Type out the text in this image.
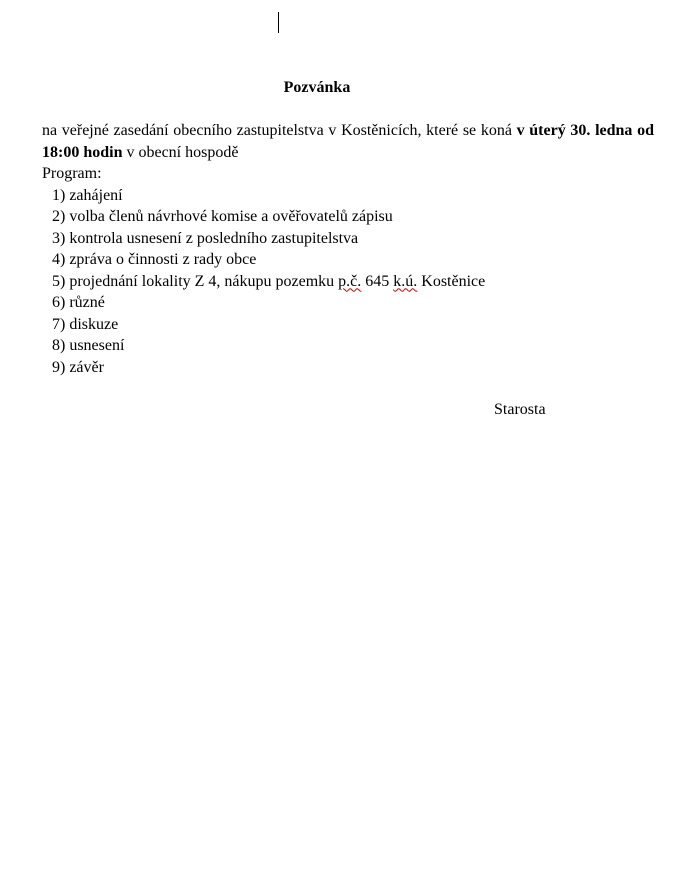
Pozvánka
na veřejné zasedání obecního zastupitelstva v Kostěnicích, které se koná v úterý 30. ledna od 18:00 hodin v obecní hospodě
Program:
1) zahájení
2) volba členů návrhové komise a ověřovatelů zápisu
3) kontrola usnesení z posledního zastupitelstva
4) zpráva o činnosti z rady obce
5) projednání lokality Z 4, nákupu pozemku p.č. 645 k.ú. Kostěnice
6) různé
7) diskuze
8) usnesení
9) závěr
Starosta
